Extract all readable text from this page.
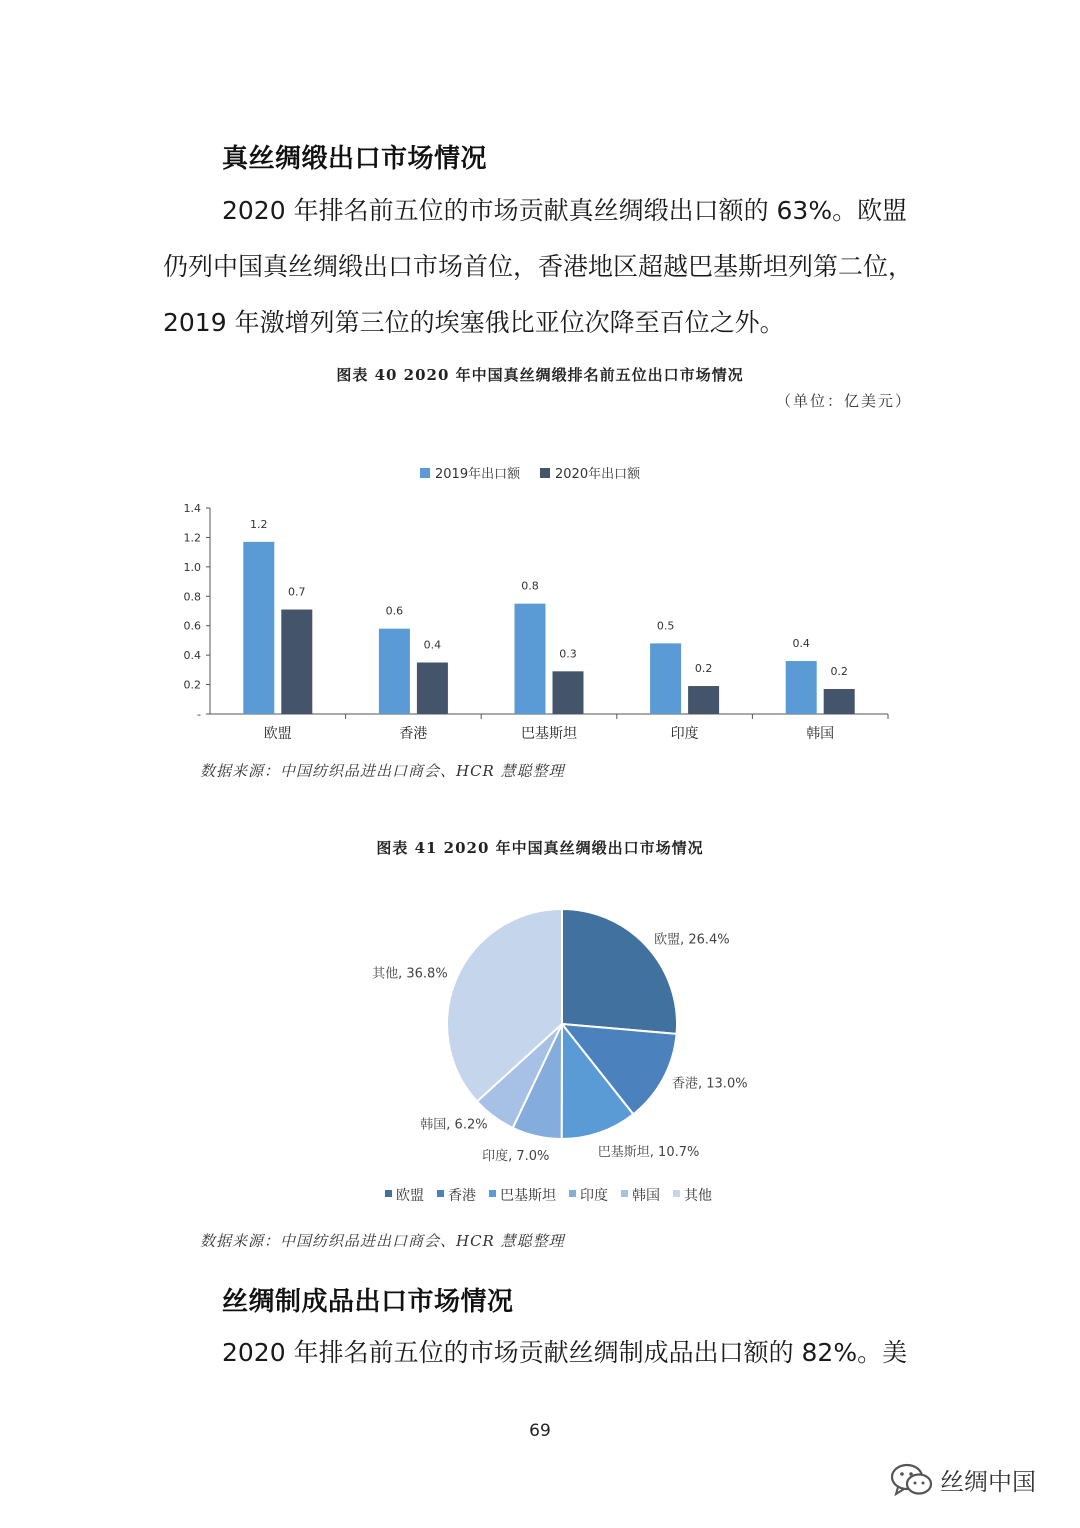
真丝绸缎出口市场情况
2020 年排名前五位的市场贡献真丝绸缎出口额的 63%。欧盟
仍列中国真丝绸缎出口市场首位，香港地区超越巴基斯坦列第二位，
2019 年激增列第三位的埃塞俄比亚位次降至百位之外。
图表 40 2020 年中国真丝绸缎排名前五位出口市场情况
（单位：亿美元）
2019年出口额	2020年出口额
-
0.2
0.4
0.6
0.8
1.0
1.2
1.4
欧盟	香港	巴基斯坦	印度	韩国
1.2
0.7
0.6
0.4
0.8
0.3
0.5
0.2
0.4
0.2
数据来源：中国纺织品进出口商会、HCR 慧聪整理
图表 41 2020 年中国真丝绸缎出口市场情况
欧盟, 26.4%
香港, 13.0%
巴基斯坦, 10.7%
印度, 7.0%
韩国, 6.2%
其他, 36.8%
欧盟 香港 巴基斯坦 印度 韩国 其他
数据来源：中国纺织品进出口商会、HCR 慧聪整理
丝绸制成品出口市场情况
2020 年排名前五位的市场贡献丝绸制成品出口额的 82%。美
69
丝绸中国
